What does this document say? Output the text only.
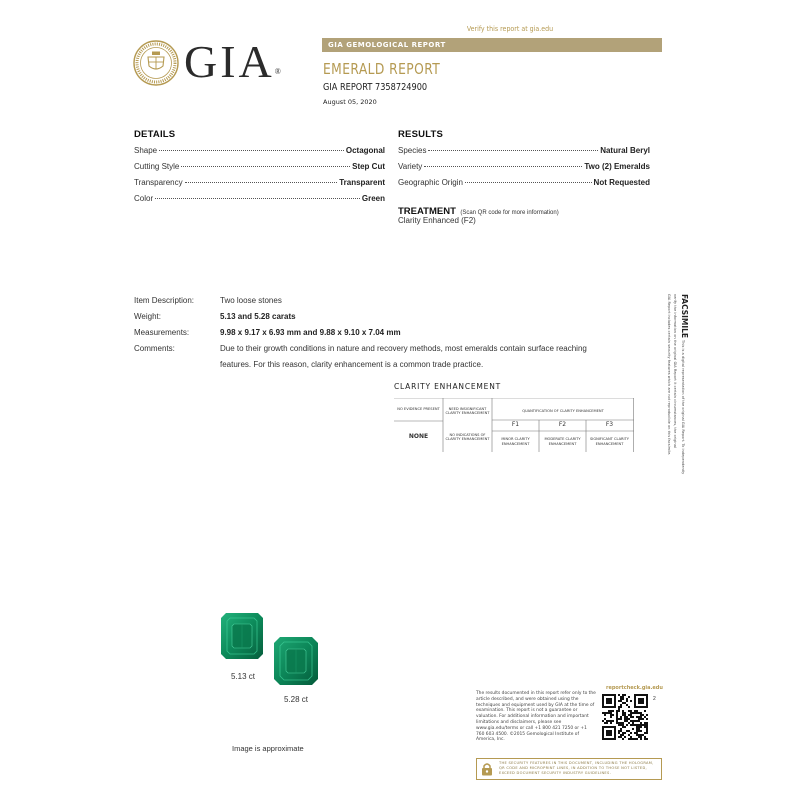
Verify this report at gia.edu
GIA®
GIA GEMOLOGICAL REPORT
EMERALD REPORT
GIA REPORT 7358724900
August 05, 2020
DETAILS
Shape	Octagonal
Cutting Style	Step Cut
Transparency	Transparent
Color	Green
RESULTS
Species	Natural Beryl
Variety	Two (2) Emeralds
Geographic Origin	Not Requested
TREATMENT (Scan QR code for more information)
Clarity Enhanced (F2)
Item Description:	Two loose stones
Weight:	5.13 and 5.28 carats
Measurements:	9.98 x 9.17 x 6.93 mm and 9.88 x 9.10 x 7.04 mm
Comments:	Due to their growth conditions in nature and recovery methods, most emeralds contain surface reaching
features. For this reason, clarity enhancement is a common trade practice.
CLARITY ENHANCEMENT
NO EVIDENCE PRESENT
NONE
NEED INSIGNIFICANT CLARITY ENHANCEMENT
NO INDICATIONS OF CLARITY ENHANCEMENT
QUANTIFICATION OF CLARITY ENHANCEMENT
F1	F2	F3
MINOR CLARITY ENHANCEMENT
MODERATE CLARITY ENHANCEMENT
SIGNIFICANT CLARITY ENHANCEMENT
FACSIMILE
This is a digital representation of the original GIA Report. To independently
verify the information on the original GIA Report it certain circumstances, the original
GIA Report includes certain security features which are not reproducible on this facsimile.
5.13 ct
5.28 ct
Image is approximate
The results documented in this report refer only to the article described, and were obtained using the techniques and equipment used by GIA at the time of examination. This report is not a guarantee or valuation. For additional information and important limitations and disclaimers, please see www.gia.edu/terms or call +1 800 421 7250 or +1 760 603 4500. ©2015 Gemological Institute of America, Inc.
reportcheck.gia.edu
2
THE SECURITY FEATURES IN THIS DOCUMENT, INCLUDING THE HOLOGRAM, QR CODE AND MICROPRINT LINES, IN ADDITION TO THOSE NOT LISTED, EXCEED DOCUMENT SECURITY INDUSTRY GUIDELINES.
